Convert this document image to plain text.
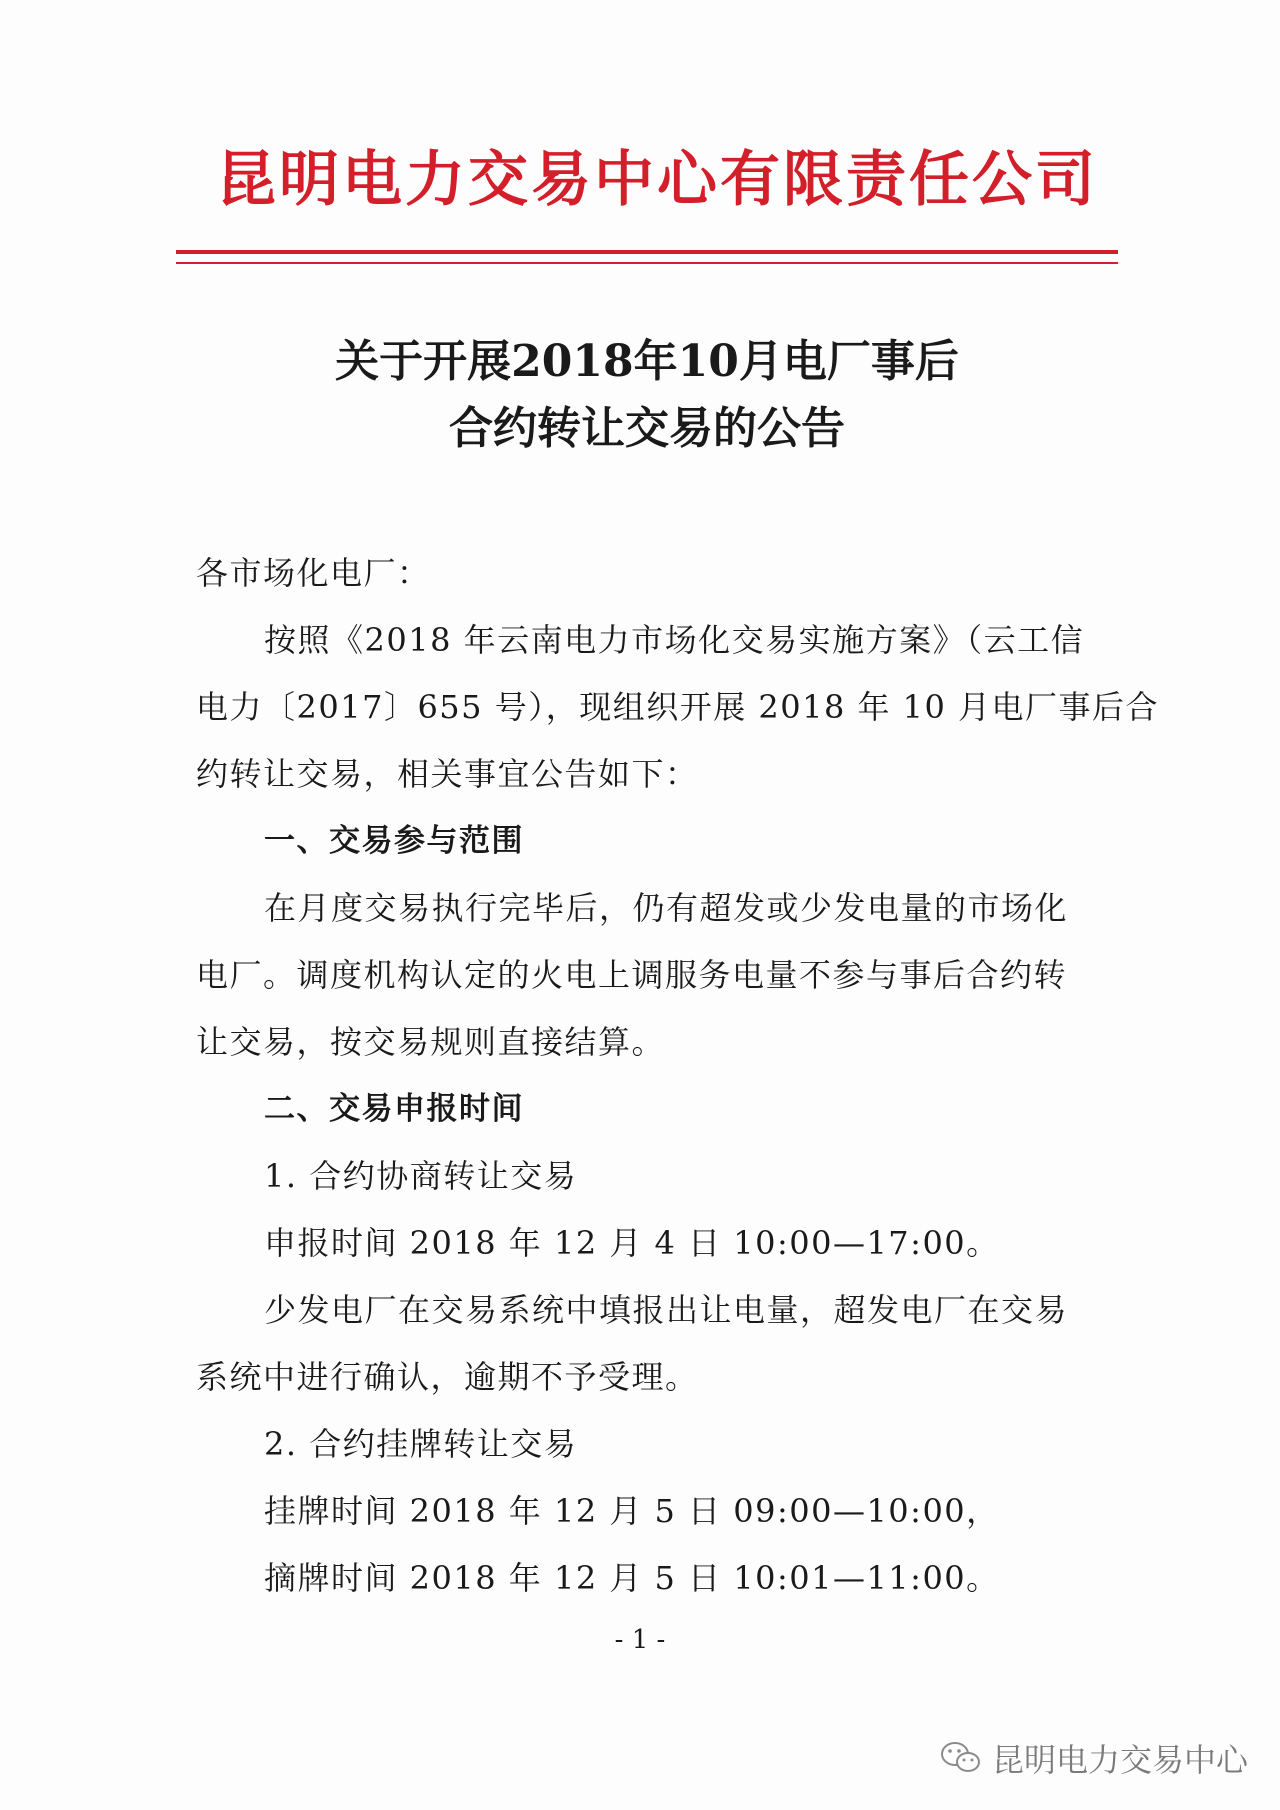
昆明电力交易中心有限责任公司
关于开展2018年10月电厂事后
合约转让交易的公告

各市场化电厂：

按照《2018 年云南电力市场化交易实施方案》（云工信

电力〔2017〕655 号），现组织开展 2018 年 10 月电厂事后合

约转让交易，相关事宜公告如下：

一、交易参与范围

在月度交易执行完毕后，仍有超发或少发电量的市场化

电厂。调度机构认定的火电上调服务电量不参与事后合约转

让交易，按交易规则直接结算。

二、交易申报时间

1. 合约协商转让交易

申报时间 2018 年 12 月 4 日 10:00—17:00。

少发电厂在交易系统中填报出让电量，超发电厂在交易

系统中进行确认，逾期不予受理。

2. 合约挂牌转让交易

挂牌时间 2018 年 12 月 5 日 09:00—10:00，

摘牌时间 2018 年 12 月 5 日 10:01—11:00。

- 1 -
昆明电力交易中心
